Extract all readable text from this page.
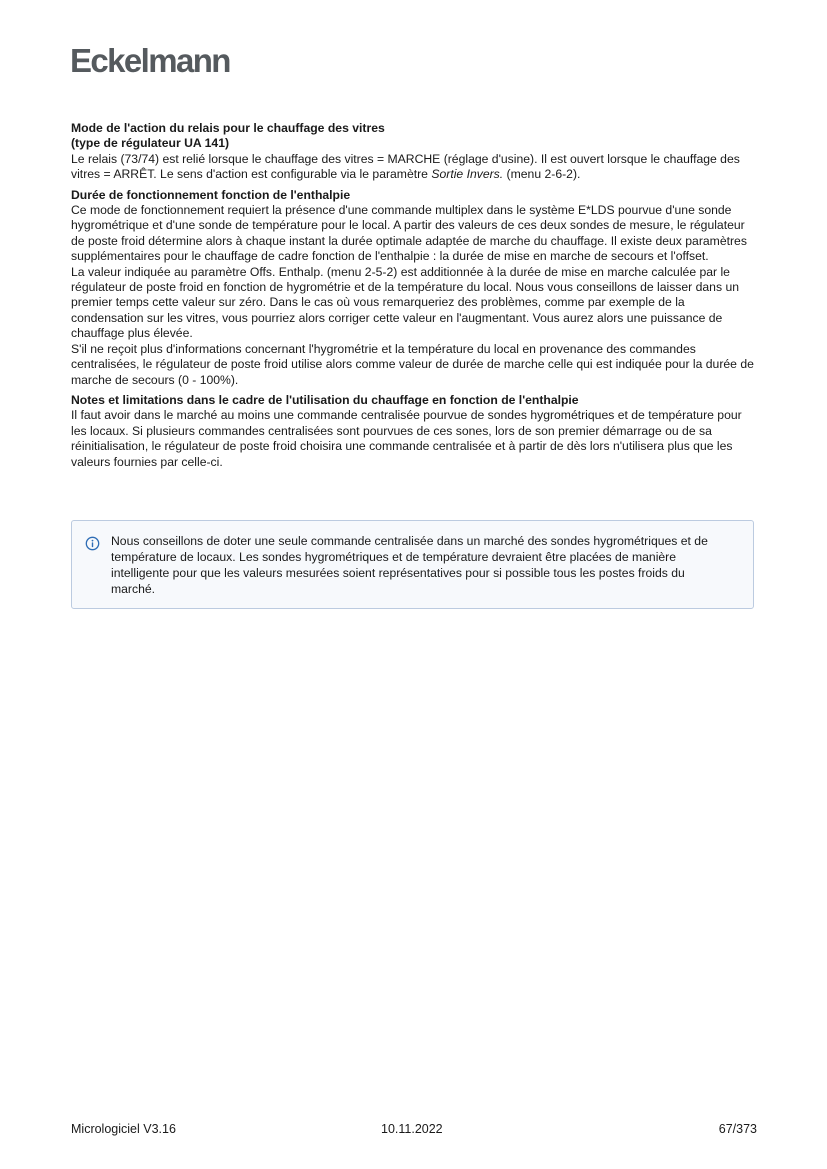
Eckelmann
Mode de l'action du relais pour le chauffage des vitres
(type de régulateur UA 141)
Le relais (73/74) est relié lorsque le chauffage des vitres = MARCHE (réglage d'usine). Il est ouvert lorsque le chauffage des vitres = ARRÊT. Le sens d'action est configurable via le paramètre Sortie Invers. (menu 2-6-2).
Durée de fonctionnement fonction de l'enthalpie
Ce mode de fonctionnement requiert la présence d'une commande multiplex dans le système E*LDS pourvue d'une sonde hygrométrique et d'une sonde de température pour le local. A partir des valeurs de ces deux sondes de mesure, le régulateur de poste froid détermine alors à chaque instant la durée optimale adaptée de marche du chauffage. Il existe deux paramètres supplémentaires pour le chauffage de cadre fonction de l'enthalpie : la durée de mise en marche de secours et l'offset.
La valeur indiquée au paramètre Offs. Enthalp. (menu 2-5-2) est additionnée à la durée de mise en marche calculée par le régulateur de poste froid en fonction de hygrométrie et de la température du local. Nous vous conseillons de laisser dans un premier temps cette valeur sur zéro. Dans le cas où vous remarqueriez des problèmes, comme par exemple de la condensation sur les vitres, vous pourriez alors corriger cette valeur en l'augmentant. Vous aurez alors une puissance de chauffage plus élevée.
S'il ne reçoit plus d'informations concernant l'hygrométrie et la température du local en provenance des commandes centralisées, le régulateur de poste froid utilise alors comme valeur de durée de marche celle qui est indiquée pour la durée de marche de secours (0 - 100%).
Notes et limitations dans le cadre de l'utilisation du chauffage en fonction de l'enthalpie
Il faut avoir dans le marché au moins une commande centralisée pourvue de sondes hygrométriques et de température pour les locaux. Si plusieurs commandes centralisées sont pourvues de ces sones, lors de son premier démarrage ou de sa réinitialisation, le régulateur de poste froid choisira une commande centralisée et à partir de dès lors n'utilisera plus que les valeurs fournies par celle-ci.
Nous conseillons de doter une seule commande centralisée dans un marché des sondes hygrométriques et de température de locaux. Les sondes hygrométriques et de température devraient être placées de manière intelligente pour que les valeurs mesurées soient représentatives pour si possible tous les postes froids du marché.
Micrologiciel V3.16	10.11.2022	67/373
